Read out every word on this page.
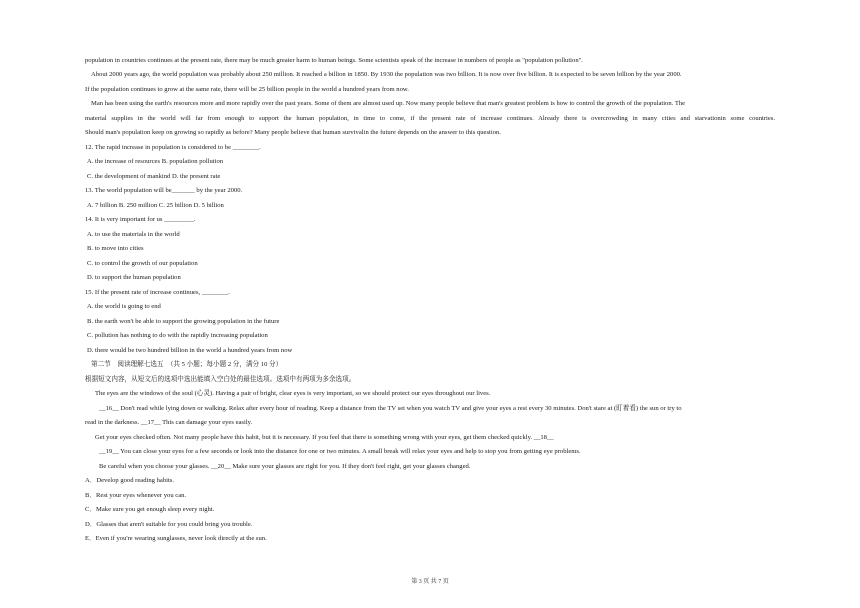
population in countries continues at the present rate, there may be much greater harm to human beings. Some scientists speak of the increase in numbers of people as "population pollution".
About 2000 years ago, the world population was probably about 250 million. It reached a billion in 1850. By 1930 the population was two billion. It is now over five billion. It is expected to be seven billion by the year 2000.
If the population continues to grow at the same rate, there will be 25 billion people in the world a hundred years from now.
Man has been using the earth's resources more and more rapidly over the past years. Some of them are almost used up. Now many people believe that man's greatest problem is how to control the growth of the population. The
material supplies in the world will far from enough to support the human population, in time to come, if the present rate of increase continues. Already there is overcrowding in many cities and starvationin some countries.
Should man's population keep on growing so rapidly as before? Many people believe that human survivalin the future depends on the answer to this question.
12. The rapid increase in population is considered to be ________.
A. the increase of resources B. population pollution
C. the development of mankind D. the present rate
13. The world population will be_______ by the year 2000.
A. 7 billion B. 250 million C. 25 billion D. 5 billion
14. It is very important for us _________.
A. to use the materials in the world
B. to move into cities
C. to control the growth of our population
D. to support the human population
15. If the present rate of increase continues, ________.
A. the world is going to end
B. the earth won't be able to support the growing population in the future
C. pollution has nothing to do with the rapidly increasing population
D. there would be two hundred billion in the world a hundred years from now
第二节　阅读理解七选五　（共 5 小题；每小题 2 分，满分 10 分）
根据短文内容，从短文后的选项中选出能填入空白处的最佳选项。选项中有两项为多余选项。
The eyes are the windows of the soul (心灵). Having a pair of bright, clear eyes is very important, so we should protect our eyes throughout our lives.
__16__ Don't read while lying down or walking. Relax after every hour of reading. Keep a distance from the TV set when you watch TV and give your eyes a rest every 30 minutes. Don't stare at (盯着看) the sun or try to
read in the darkness. __17__ This can damage your eyes easily.
Get your eyes checked often. Not many people have this habit, but it is necessary. If you feel that there is something wrong with your eyes, get them checked quickly. __18__
__19__ You can close your eyes for a few seconds or look into the distance for one or two minutes. A small break will relax your eyes and help to stop you from getting eye problems.
Be careful when you choose your glasses. __20__ Make sure your glasses are right for you. If they don't feel right, get your glasses changed.
A．Develop good reading habits.
B．Rest your eyes whenever you can.
C．Make sure you get enough sleep every night.
D．Glasses that aren't suitable for you could bring you trouble.
E．Even if you're wearing sunglasses, never look directly at the sun.
第 3 页 共 7 页
